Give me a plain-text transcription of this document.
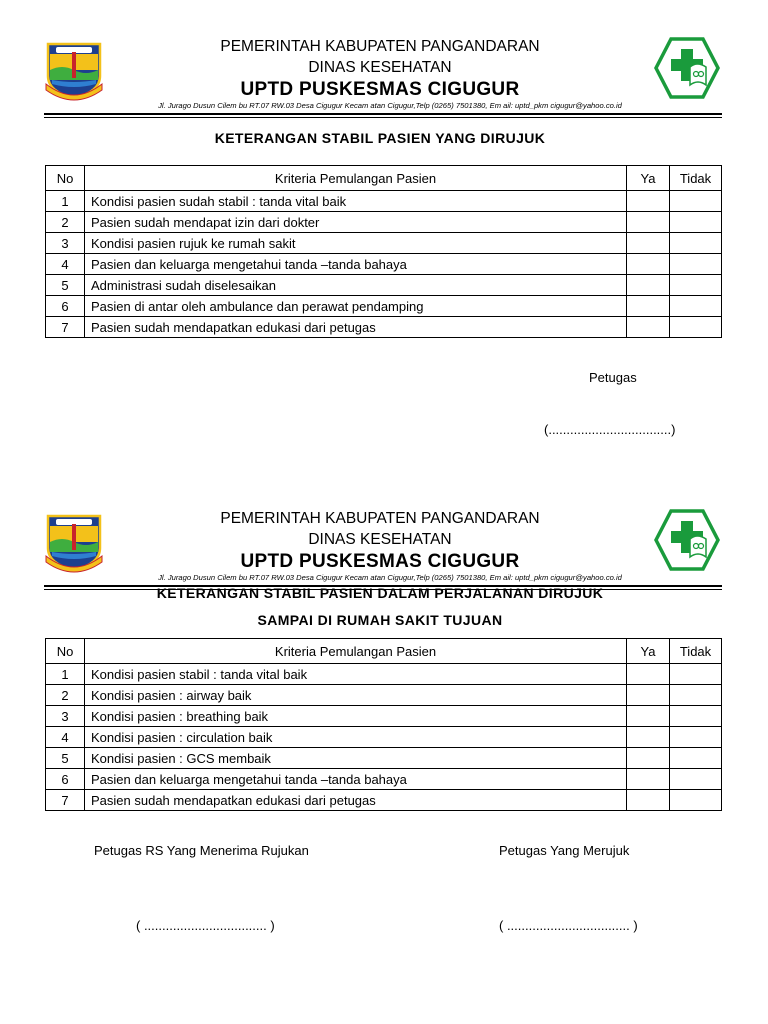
PEMERINTAH KABUPATEN PANGANDARAN
DINAS KESEHATAN
UPTD PUSKESMAS CIGUGUR
Jl. Jurago Dusun Cilem bu RT.07 RW.03 Desa Cigugur Kecam atan Cigugur,Telp (0265) 7501380, Em ail: uptd_pkm cigugur@yahoo.co.id
KETERANGAN STABIL PASIEN YANG DIRUJUK
No	Kriteria Pemulangan Pasien	Ya	Tidak
1	Kondisi pasien sudah stabil : tanda vital baik		
2	Pasien sudah mendapat izin dari dokter		
3	Kondisi pasien rujuk ke rumah sakit		
4	Pasien dan keluarga mengetahui tanda –tanda bahaya		
5	Administrasi sudah diselesaikan		
6	Pasien di antar oleh ambulance dan perawat pendamping		
7	Pasien sudah mendapatkan edukasi dari petugas		
Petugas
(..................................)
PEMERINTAH KABUPATEN PANGANDARAN
DINAS KESEHATAN
UPTD PUSKESMAS CIGUGUR
Jl. Jurago Dusun Cilem bu RT.07 RW.03 Desa Cigugur Kecam atan Cigugur,Telp (0265) 7501380, Em ail: uptd_pkm cigugur@yahoo.co.id
KETERANGAN STABIL PASIEN DALAM PERJALANAN DIRUJUK
SAMPAI DI RUMAH SAKIT TUJUAN
No	Kriteria Pemulangan Pasien	Ya	Tidak
1	Kondisi pasien stabil : tanda vital baik		
2	Kondisi pasien : airway baik		
3	Kondisi pasien : breathing baik		
4	Kondisi pasien : circulation baik		
5	Kondisi pasien : GCS membaik		
6	Pasien dan keluarga mengetahui tanda –tanda bahaya		
7	Pasien sudah mendapatkan edukasi dari petugas		
Petugas RS Yang Menerima Rujukan	Petugas Yang Merujuk
( .................................. )	( .................................. )
